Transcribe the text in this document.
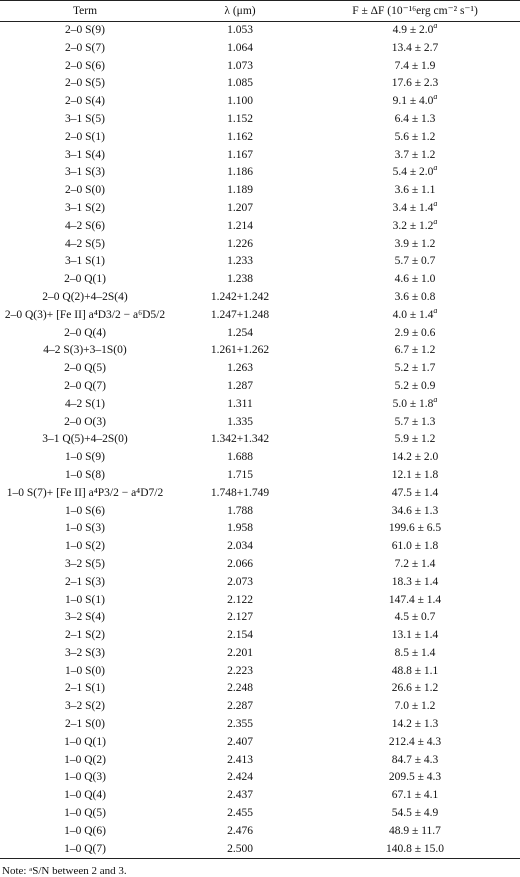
Term	λ (μm)	F ± ΔF (10⁻¹⁶erg cm⁻² s⁻¹)
2–0 S(9)	1.053	4.9 ± 2.0$^a$
2–0 S(7)	1.064	13.4 ± 2.7
2–0 S(6)	1.073	7.4 ± 1.9
2–0 S(5)	1.085	17.6 ± 2.3
2–0 S(4)	1.100	9.1 ± 4.0$^a$
3–1 S(5)	1.152	6.4 ± 1.3
2–0 S(1)	1.162	5.6 ± 1.2
3–1 S(4)	1.167	3.7 ± 1.2
3–1 S(3)	1.186	5.4 ± 2.0$^a$
2–0 S(0)	1.189	3.6 ± 1.1
3–1 S(2)	1.207	3.4 ± 1.4$^a$
4–2 S(6)	1.214	3.2 ± 1.2$^a$
4–2 S(5)	1.226	3.9 ± 1.2
3–1 S(1)	1.233	5.7 ± 0.7
2–0 Q(1)	1.238	4.6 ± 1.0
2–0 Q(2)+4–2S(4)	1.242+1.242	3.6 ± 0.8
2–0 Q(3)+ [Fe II] a⁴D3/2 − a⁶D5/2	1.247+1.248	4.0 ± 1.4$^a$
2–0 Q(4)	1.254	2.9 ± 0.6
4–2 S(3)+3–1S(0)	1.261+1.262	6.7 ± 1.2
2–0 Q(5)	1.263	5.2 ± 1.7
2–0 Q(7)	1.287	5.2 ± 0.9
4–2 S(1)	1.311	5.0 ± 1.8$^a$
2–0 O(3)	1.335	5.7 ± 1.3
3–1 Q(5)+4–2S(0)	1.342+1.342	5.9 ± 1.2
1–0 S(9)	1.688	14.2 ± 2.0
1–0 S(8)	1.715	12.1 ± 1.8
1–0 S(7)+ [Fe II] a⁴P3/2 − a⁴D7/2	1.748+1.749	47.5 ± 1.4
1–0 S(6)	1.788	34.6 ± 1.3
1–0 S(3)	1.958	199.6 ± 6.5
1–0 S(2)	2.034	61.0 ± 1.8
3–2 S(5)	2.066	7.2 ± 1.4
2–1 S(3)	2.073	18.3 ± 1.4
1–0 S(1)	2.122	147.4 ± 1.4
3–2 S(4)	2.127	4.5 ± 0.7
2–1 S(2)	2.154	13.1 ± 1.4
3–2 S(3)	2.201	8.5 ± 1.4
1–0 S(0)	2.223	48.8 ± 1.1
2–1 S(1)	2.248	26.6 ± 1.2
3–2 S(2)	2.287	7.0 ± 1.2
2–1 S(0)	2.355	14.2 ± 1.3
1–0 Q(1)	2.407	212.4 ± 4.3
1–0 Q(2)	2.413	84.7 ± 4.3
1–0 Q(3)	2.424	209.5 ± 4.3
1–0 Q(4)	2.437	67.1 ± 4.1
1–0 Q(5)	2.455	54.5 ± 4.9
1–0 Q(6)	2.476	48.9 ± 11.7
1–0 Q(7)	2.500	140.8 ± 15.0
Note: ᵃS/N between 2 and 3.
